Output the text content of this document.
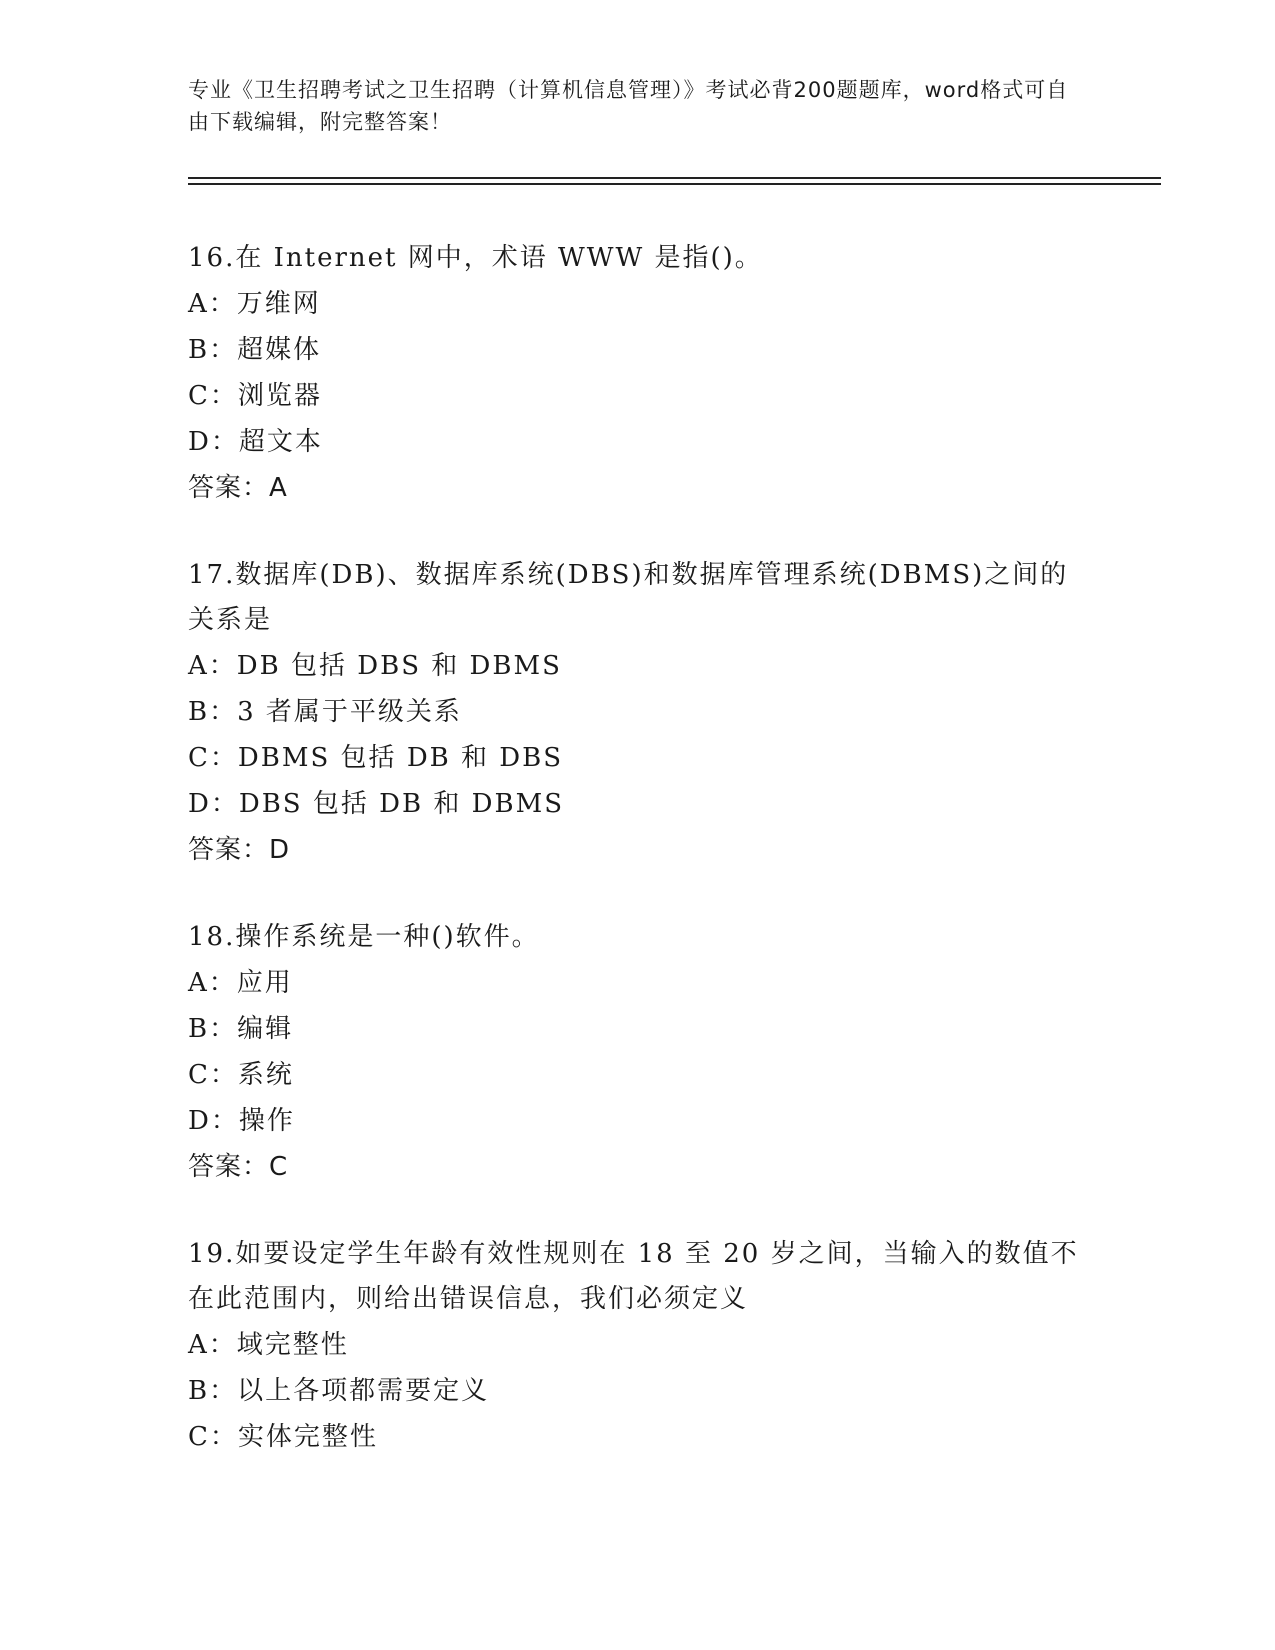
专业《卫生招聘考试之卫生招聘（计算机信息管理）》考试必背200题题库，word格式可自由下载编辑，附完整答案！

16.在 Internet 网中，术语 WWW 是指()。

A：万维网

B：超媒体

C：浏览器

D：超文本

答案：A

17.数据库(DB)、数据库系统(DBS)和数据库管理系统(DBMS)之间的关系是

A：DB 包括 DBS 和 DBMS

B：3 者属于平级关系

C：DBMS 包括 DB 和 DBS

D：DBS 包括 DB 和 DBMS

答案：D

18.操作系统是一种()软件。

A：应用

B：编辑

C：系统

D：操作

答案：C

19.如要设定学生年龄有效性规则在 18 至 20 岁之间，当输入的数值不在此范围内，则给出错误信息，我们必须定义

A：域完整性

B：以上各项都需要定义

C：实体完整性
